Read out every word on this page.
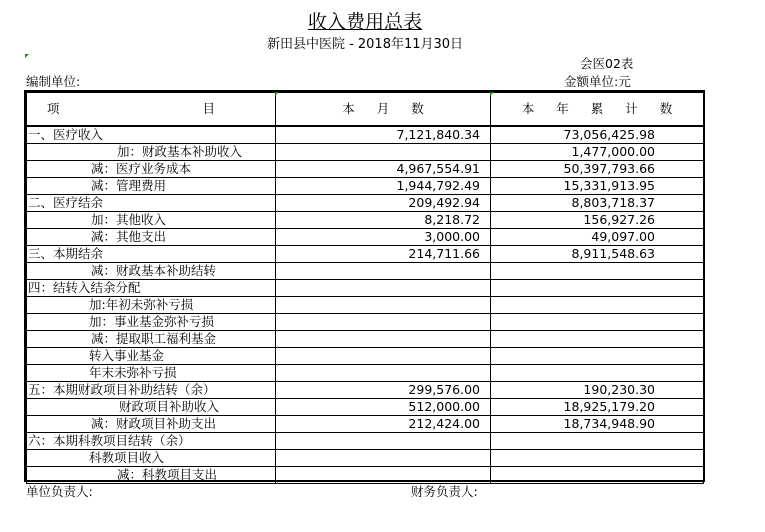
收入费用总表
新田县中医院 - 2018年11月30日
会医02表
编制单位:	金额单位:元
项 目	本月数	本年累计数
一、医疗收入	7,121,840.34	73,056,425.98
加：财政基本补助收入		1,477,000.00
减：医疗业务成本	4,967,554.91	50,397,793.66
减：管理费用	1,944,792.49	15,331,913.95
二、医疗结余	209,492.94	8,803,718.37
加：其他收入	8,218.72	156,927.26
减：其他支出	3,000.00	49,097.00
三、本期结余	214,711.66	8,911,548.63
减：财政基本补助结转		
四：结转入结余分配		
加:年初未弥补亏损		
加：事业基金弥补亏损		
减：提取职工福利基金		
转入事业基金		
年末未弥补亏损		
五：本期财政项目补助结转（余）	299,576.00	190,230.30
财政项目补助收入	512,000.00	18,925,179.20
减：财政项目补助支出	212,424.00	18,734,948.90
六：本期科教项目结转（余）		
科教项目收入		
减：科教项目支出		
单位负责人:	财务负责人:
